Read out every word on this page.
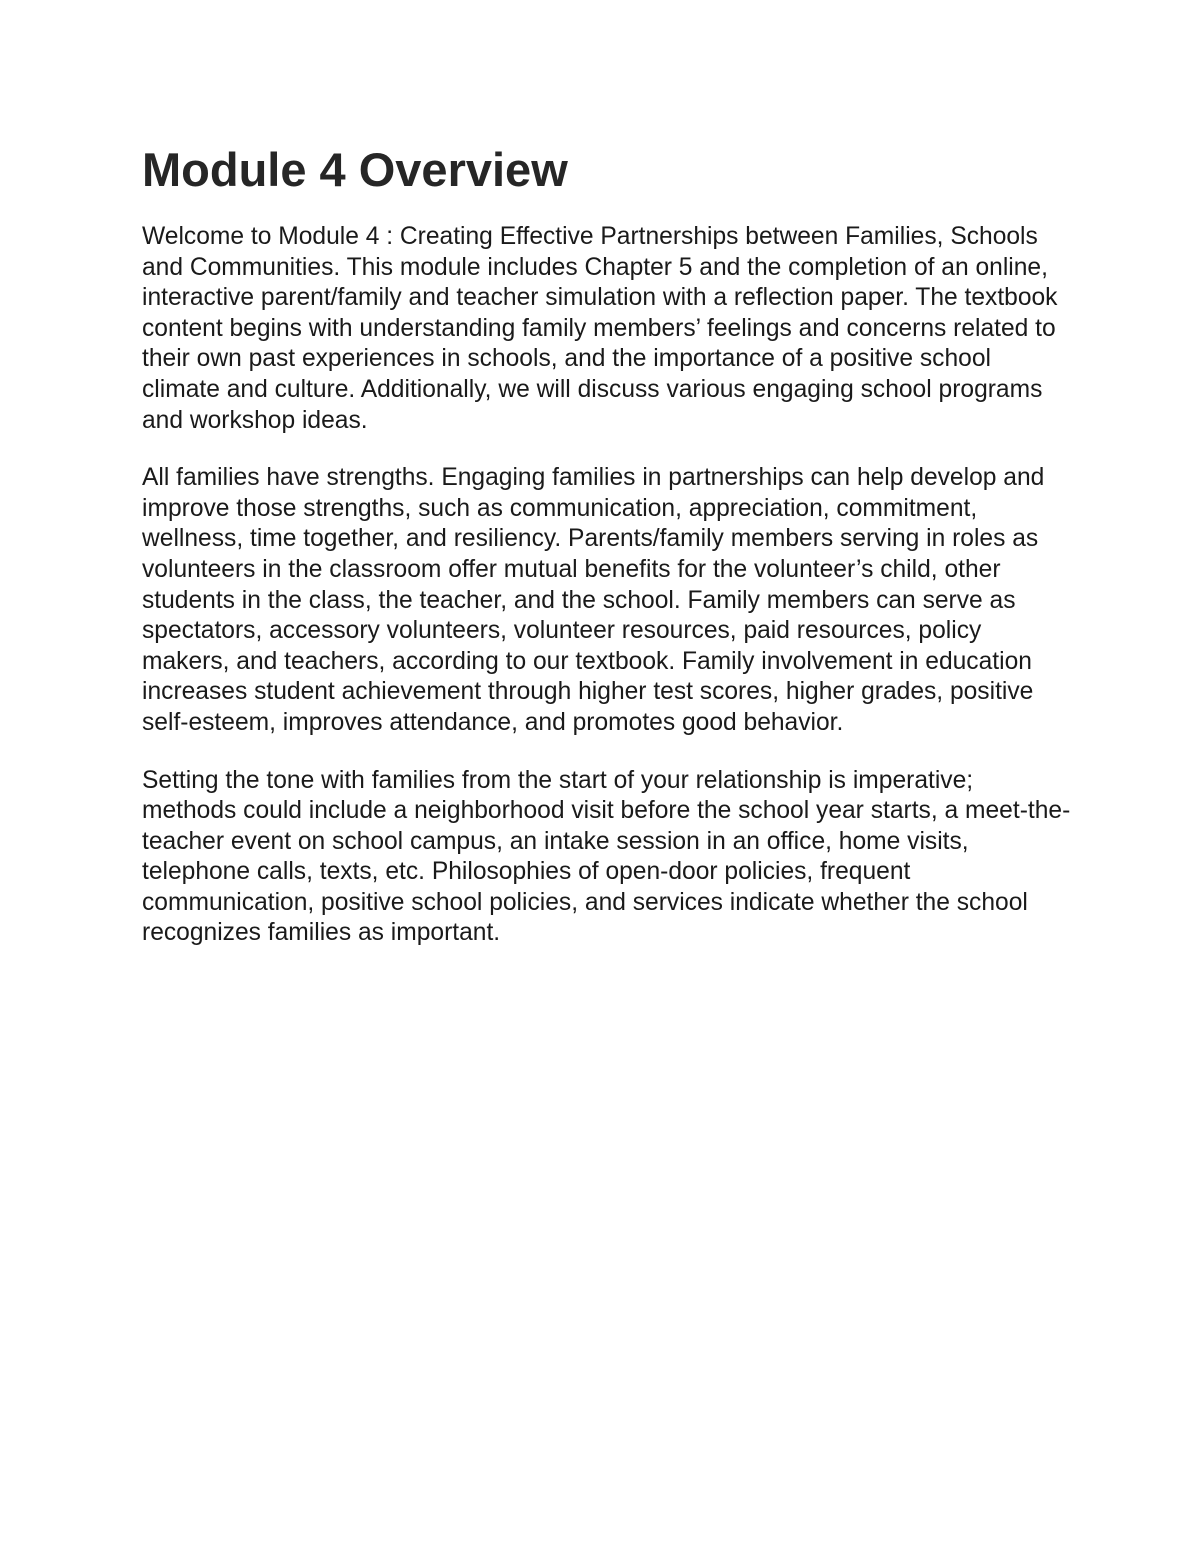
Module 4 Overview

Welcome to Module 4 : Creating Effective Partnerships between Families, Schools and Communities. This module includes Chapter 5 and the completion of an online, interactive parent/family and teacher simulation with a reflection paper. The textbook content begins with understanding family members’ feelings and concerns related to their own past experiences in schools, and the importance of a positive school climate and culture. Additionally, we will discuss various engaging school programs and workshop ideas.

All families have strengths. Engaging families in partnerships can help develop and improve those strengths, such as communication, appreciation, commitment, wellness, time together, and resiliency. Parents/family members serving in roles as volunteers in the classroom offer mutual benefits for the volunteer’s child, other students in the class, the teacher, and the school. Family members can serve as spectators, accessory volunteers, volunteer resources, paid resources, policy makers, and teachers, according to our textbook. Family involvement in education increases student achievement through higher test scores, higher grades, positive self-esteem, improves attendance, and promotes good behavior.

Setting the tone with families from the start of your relationship is imperative; methods could include a neighborhood visit before the school year starts, a meet-the-teacher event on school campus, an intake session in an office, home visits, telephone calls, texts, etc. Philosophies of open-door policies, frequent communication, positive school policies, and services indicate whether the school recognizes families as important.
